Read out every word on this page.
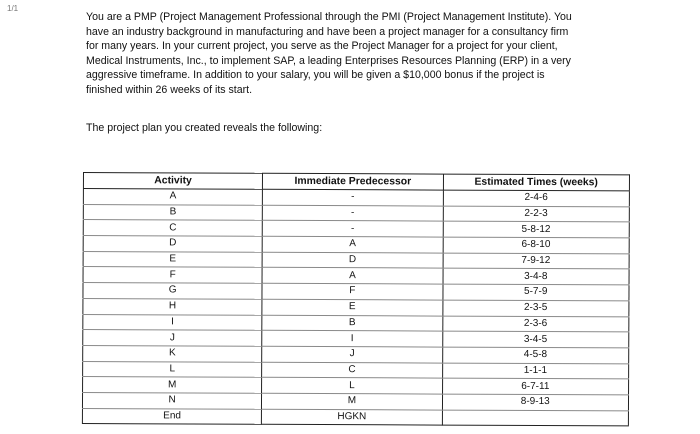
1/1
You are a PMP (Project Management Professional through the PMI (Project Management Institute). You
have an industry background in manufacturing and have been a project manager for a consultancy firm
for many years. In your current project, you serve as the Project Manager for a project for your client,
Medical Instruments, Inc., to implement SAP, a leading Enterprises Resources Planning (ERP) in a very
aggressive timeframe. In addition to your salary, you will be given a $10,000 bonus if the project is
finished within 26 weeks of its start.
The project plan you created reveals the following:
Activity	Immediate Predecessor	Estimated Times (weeks)
A	-	2-4-6
B	-	2-2-3
C	-	5-8-12
D	A	6-8-10
E	D	7-9-12
F	A	3-4-8
G	F	5-7-9
H	E	2-3-5
I	B	2-3-6
J	I	3-4-5
K	J	4-5-8
L	C	1-1-1
M	L	6-7-11
N	M	8-9-13
End	HGKN	
